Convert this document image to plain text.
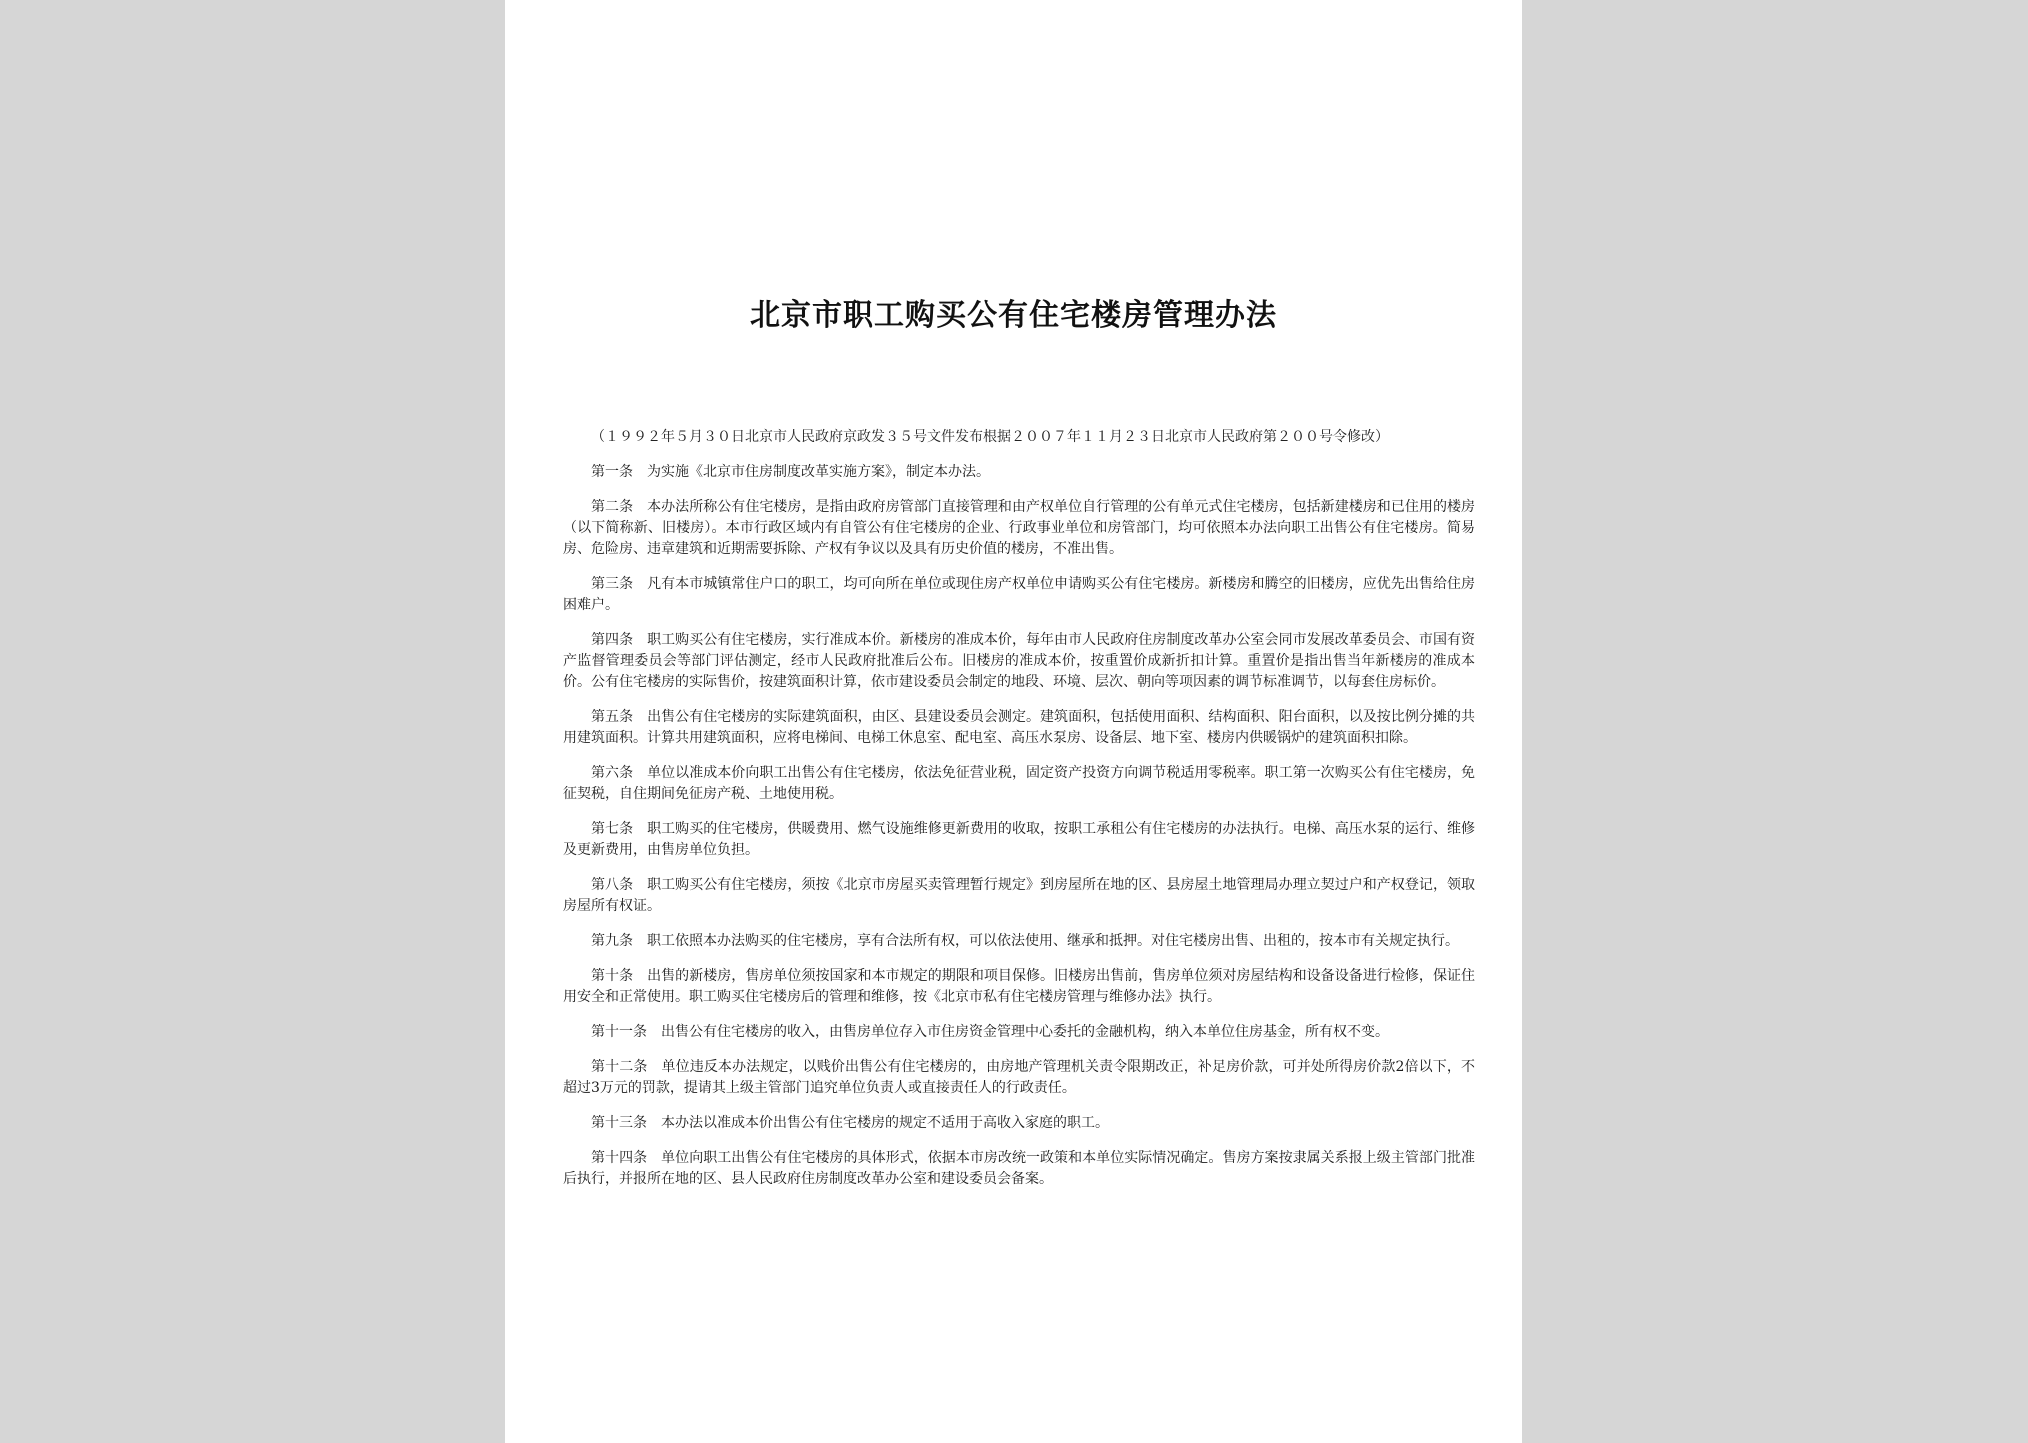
北京市职工购买公有住宅楼房管理办法

（１９９２年５月３０日北京市人民政府京政发３５号文件发布根据２００７年１１月２３日北京市人民政府第２００号令修改）

第一条 为实施《北京市住房制度改革实施方案》，制定本办法。

第二条 本办法所称公有住宅楼房，是指由政府房管部门直接管理和由产权单位自行管理的公有单元式住宅楼房，包括新建楼房和已住用的楼房（以下简称新、旧楼房）。本市行政区域内有自管公有住宅楼房的企业、行政事业单位和房管部门，均可依照本办法向职工出售公有住宅楼房。简易房、危险房、违章建筑和近期需要拆除、产权有争议以及具有历史价值的楼房，不准出售。

第三条 凡有本市城镇常住户口的职工，均可向所在单位或现住房产权单位申请购买公有住宅楼房。新楼房和腾空的旧楼房，应优先出售给住房困难户。

第四条 职工购买公有住宅楼房，实行准成本价。新楼房的准成本价，每年由市人民政府住房制度改革办公室会同市发展改革委员会、市国有资产监督管理委员会等部门评估测定，经市人民政府批准后公布。旧楼房的准成本价，按重置价成新折扣计算。重置价是指出售当年新楼房的准成本价。公有住宅楼房的实际售价，按建筑面积计算，依市建设委员会制定的地段、环境、层次、朝向等项因素的调节标准调节，以每套住房标价。

第五条 出售公有住宅楼房的实际建筑面积，由区、县建设委员会测定。建筑面积，包括使用面积、结构面积、阳台面积，以及按比例分摊的共用建筑面积。计算共用建筑面积，应将电梯间、电梯工休息室、配电室、高压水泵房、设备层、地下室、楼房内供暖锅炉的建筑面积扣除。

第六条 单位以准成本价向职工出售公有住宅楼房，依法免征营业税，固定资产投资方向调节税适用零税率。职工第一次购买公有住宅楼房，免征契税，自住期间免征房产税、土地使用税。

第七条 职工购买的住宅楼房，供暖费用、燃气设施维修更新费用的收取，按职工承租公有住宅楼房的办法执行。电梯、高压水泵的运行、维修及更新费用，由售房单位负担。

第八条 职工购买公有住宅楼房，须按《北京市房屋买卖管理暂行规定》到房屋所在地的区、县房屋土地管理局办理立契过户和产权登记，领取房屋所有权证。

第九条 职工依照本办法购买的住宅楼房，享有合法所有权，可以依法使用、继承和抵押。对住宅楼房出售、出租的，按本市有关规定执行。

第十条 出售的新楼房，售房单位须按国家和本市规定的期限和项目保修。旧楼房出售前，售房单位须对房屋结构和设备设备进行检修，保证住用安全和正常使用。职工购买住宅楼房后的管理和维修，按《北京市私有住宅楼房管理与维修办法》执行。

第十一条 出售公有住宅楼房的收入，由售房单位存入市住房资金管理中心委托的金融机构，纳入本单位住房基金，所有权不变。

第十二条 单位违反本办法规定，以贱价出售公有住宅楼房的，由房地产管理机关责令限期改正，补足房价款，可并处所得房价款2倍以下，不超过3万元的罚款，提请其上级主管部门追究单位负责人或直接责任人的行政责任。

第十三条 本办法以准成本价出售公有住宅楼房的规定不适用于高收入家庭的职工。

第十四条 单位向职工出售公有住宅楼房的具体形式，依据本市房改统一政策和本单位实际情况确定。售房方案按隶属关系报上级主管部门批准后执行，并报所在地的区、县人民政府住房制度改革办公室和建设委员会备案。
